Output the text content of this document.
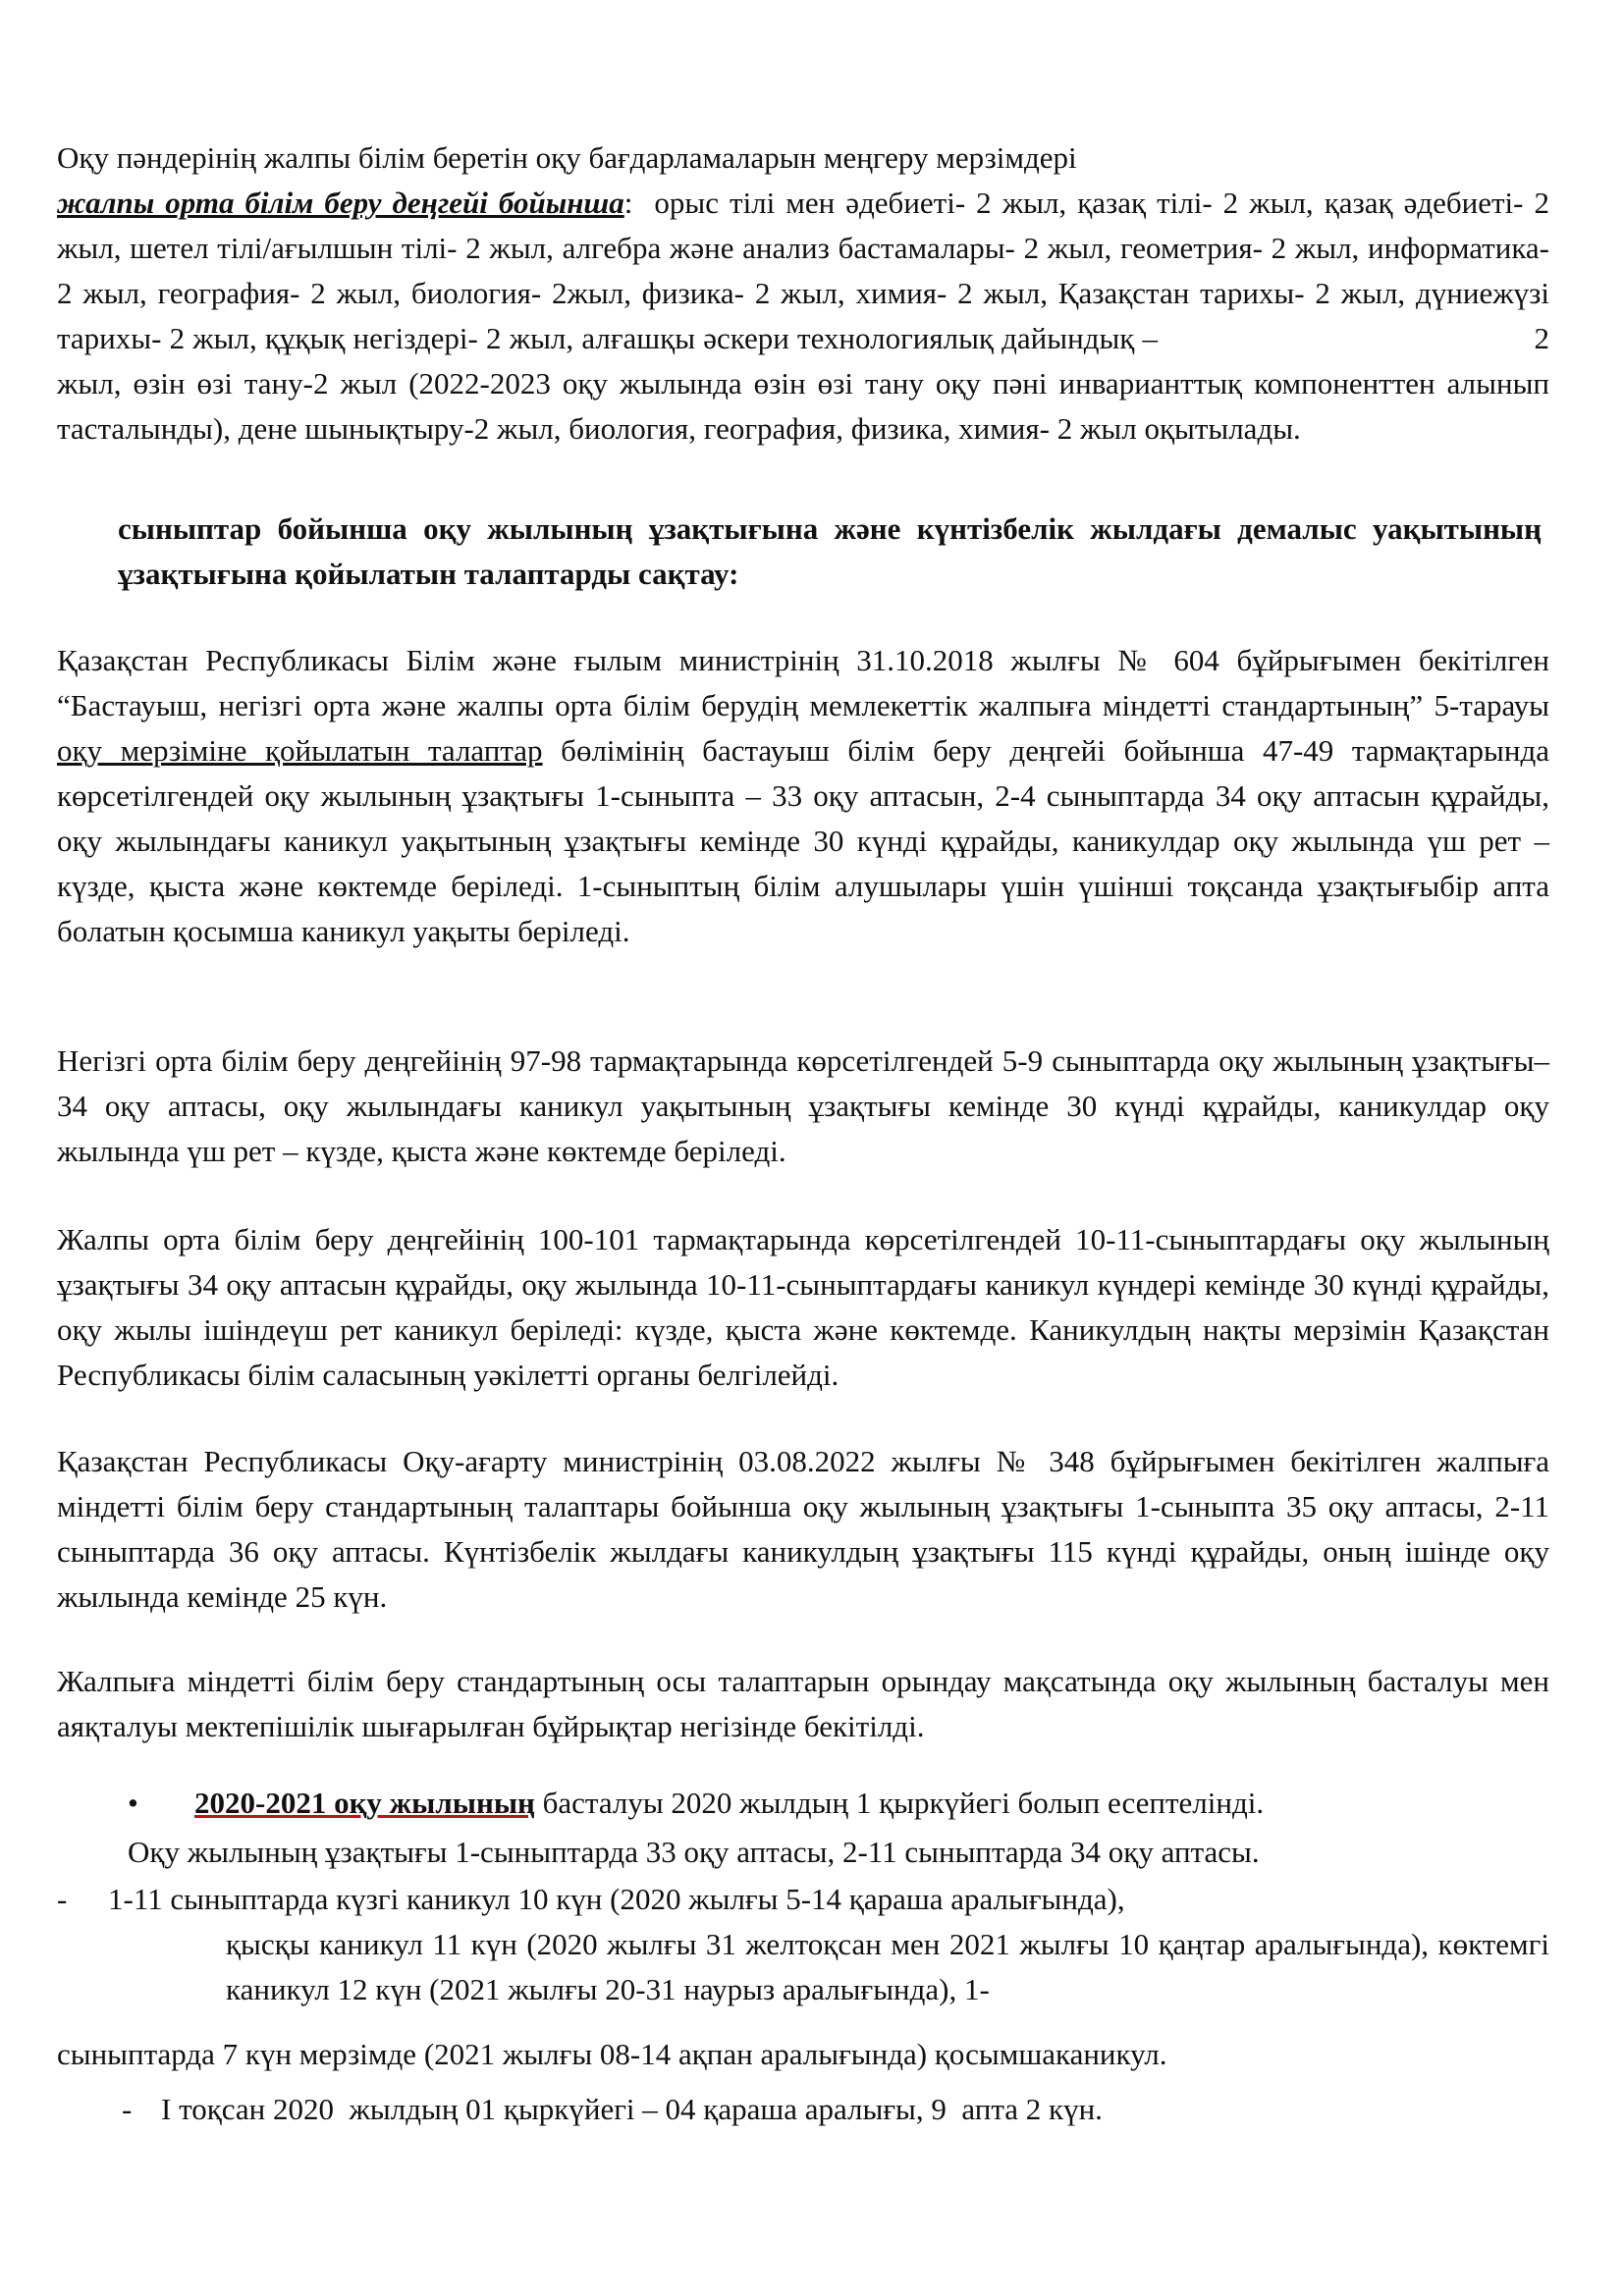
Оқу пәндерінің жалпы білім беретін оқу бағдарламаларын меңгеру мерзімдері
жалпы орта білім беру деңгейі бойынша:  орыс тілі мен әдебиеті- 2 жыл, қазақ тілі- 2 жыл, қазақ әдебиеті- 2 жыл, шетел тілі/ағылшын тілі- 2 жыл, алгебра және анализ бастамалары- 2 жыл, геометрия- 2 жыл, информатика- 2 жыл, география- 2 жыл, биология- 2жыл, физика- 2 жыл, химия- 2 жыл, Қазақстан тарихы- 2 жыл, дүниежүзі тарихы- 2 жыл, құқық негіздері- 2 жыл, алғашқы әскери технологиялық дайындық –                                               2 жыл, өзін өзі тану-2 жыл (2022-2023 оқу жылында өзін өзі тану оқу пәні инварианттық компоненттен алынып тасталынды), дене шынықтыру-2 жыл, биология, география, физика, химия- 2 жыл оқытылады.

сыныптар бойынша оқу жылының ұзақтығына және күнтізбелік жылдағы демалыс уақытының ұзақтығына қойылатын талаптарды сақтау:

Қазақстан Республикасы Білім және ғылым министрінің 31.10.2018 жылғы № 604 бұйрығымен бекітілген “Бастауыш, негізгі орта және жалпы орта білім берудің мемлекеттік жалпыға міндетті стандартының” 5-тарауы оқу мерзіміне қойылатын талаптар бөлімінің бастауыш білім беру деңгейі бойынша 47-49 тармақтарында көрсетілгендей оқу жылының ұзақтығы 1-сыныпта – 33 оқу аптасын, 2-4 сыныптарда 34 оқу аптасын құрайды, оқу жылындағы каникул уақытының ұзақтығы кемінде 30 күнді құрайды, каникулдар оқу жылында үш рет – күзде, қыста және көктемде беріледі. 1-сыныптың білім алушылары үшін үшінші тоқсанда ұзақтығыбір апта болатын қосымша каникул уақыты беріледі.

Негізгі орта білім беру деңгейінің 97-98 тармақтарында көрсетілгендей 5-9 сыныптарда оқу жылының ұзақтығы–34 оқу аптасы, оқу жылындағы каникул уақытының ұзақтығы кемінде 30 күнді құрайды, каникулдар оқу жылында үш рет – күзде, қыста және көктемде беріледі.

Жалпы орта білім беру деңгейінің 100-101 тармақтарында көрсетілгендей 10-11-сыныптардағы оқу жылының ұзақтығы 34 оқу аптасын құрайды, оқу жылында 10-11-сыныптардағы каникул күндері кемінде 30 күнді құрайды, оқу жылы ішіндеүш рет каникул беріледі: күзде, қыста және көктемде. Каникулдың нақты мерзімін Қазақстан Республикасы білім саласының уәкілетті органы белгілейді.

Қазақстан Республикасы Оқу-ағарту министрінің 03.08.2022 жылғы № 348 бұйрығымен бекітілген жалпыға міндетті білім беру стандартының талаптары бойынша оқу жылының ұзақтығы 1-сыныпта 35 оқу аптасы, 2-11 сыныптарда 36 оқу аптасы. Күнтізбелік жылдағы каникулдың ұзақтығы 115 күнді құрайды, оның ішінде оқу жылында кемінде 25 күн.

Жалпыға міндетті білім беру стандартының осы талаптарын орындау мақсатында оқу жылының басталуы мен аяқталуы мектепішілік шығарылған бұйрықтар негізінде бекітілді.

• 2020-2021 оқу жылының басталуы 2020 жылдың 1 қыркүйегі болып есептелінді.

Оқу жылының ұзақтығы 1-сыныптарда 33 оқу аптасы, 2-11 сыныптарда 34 оқу аптасы.

- 1-11 сыныптарда күзгі каникул 10 күн (2020 жылғы 5-14 қараша аралығында),
қысқы каникул 11 күн (2020 жылғы 31 желтоқсан мен 2021 жылғы 10 қаңтар аралығында), көктемгі каникул 12 күн (2021 жылғы 20-31 наурыз аралығында), 1-

сыныптарда 7 күн мерзімде (2021 жылғы 08-14 ақпан аралығында) қосымшаканикул.

- І тоқсан 2020  жылдың 01 қыркүйегі – 04 қараша аралығы, 9  апта 2 күн.
